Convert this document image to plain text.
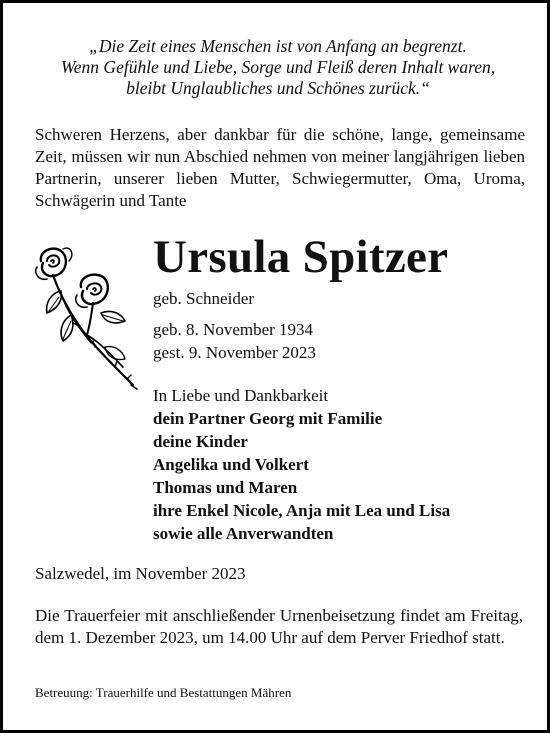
„Die Zeit eines Menschen ist von Anfang an begrenzt.
Wenn Gefühle und Liebe, Sorge und Fleiß deren Inhalt waren,
bleibt Unglaubliches und Schönes zurück.“
Schweren Herzens, aber dankbar für die schöne, lange, gemeinsame Zeit, müssen wir nun Abschied nehmen von meiner langjährigen lieben Partnerin, unserer lieben Mutter, Schwiegermutter, Oma, Uroma, Schwägerin und Tante
Ursula Spitzer
geb. Schneider
geb. 8. November 1934
gest. 9. November 2023
In Liebe und Dankbarkeit
dein Partner Georg mit Familie
deine Kinder
Angelika und Volkert
Thomas und Maren
ihre Enkel Nicole, Anja mit Lea und Lisa
sowie alle Anverwandten
Salzwedel, im November 2023
Die Trauerfeier mit anschließender Urnenbeisetzung findet am Freitag, dem 1. Dezember 2023, um 14.00 Uhr auf dem Perver Friedhof statt.
Betreuung: Trauerhilfe und Bestattungen Mähren
